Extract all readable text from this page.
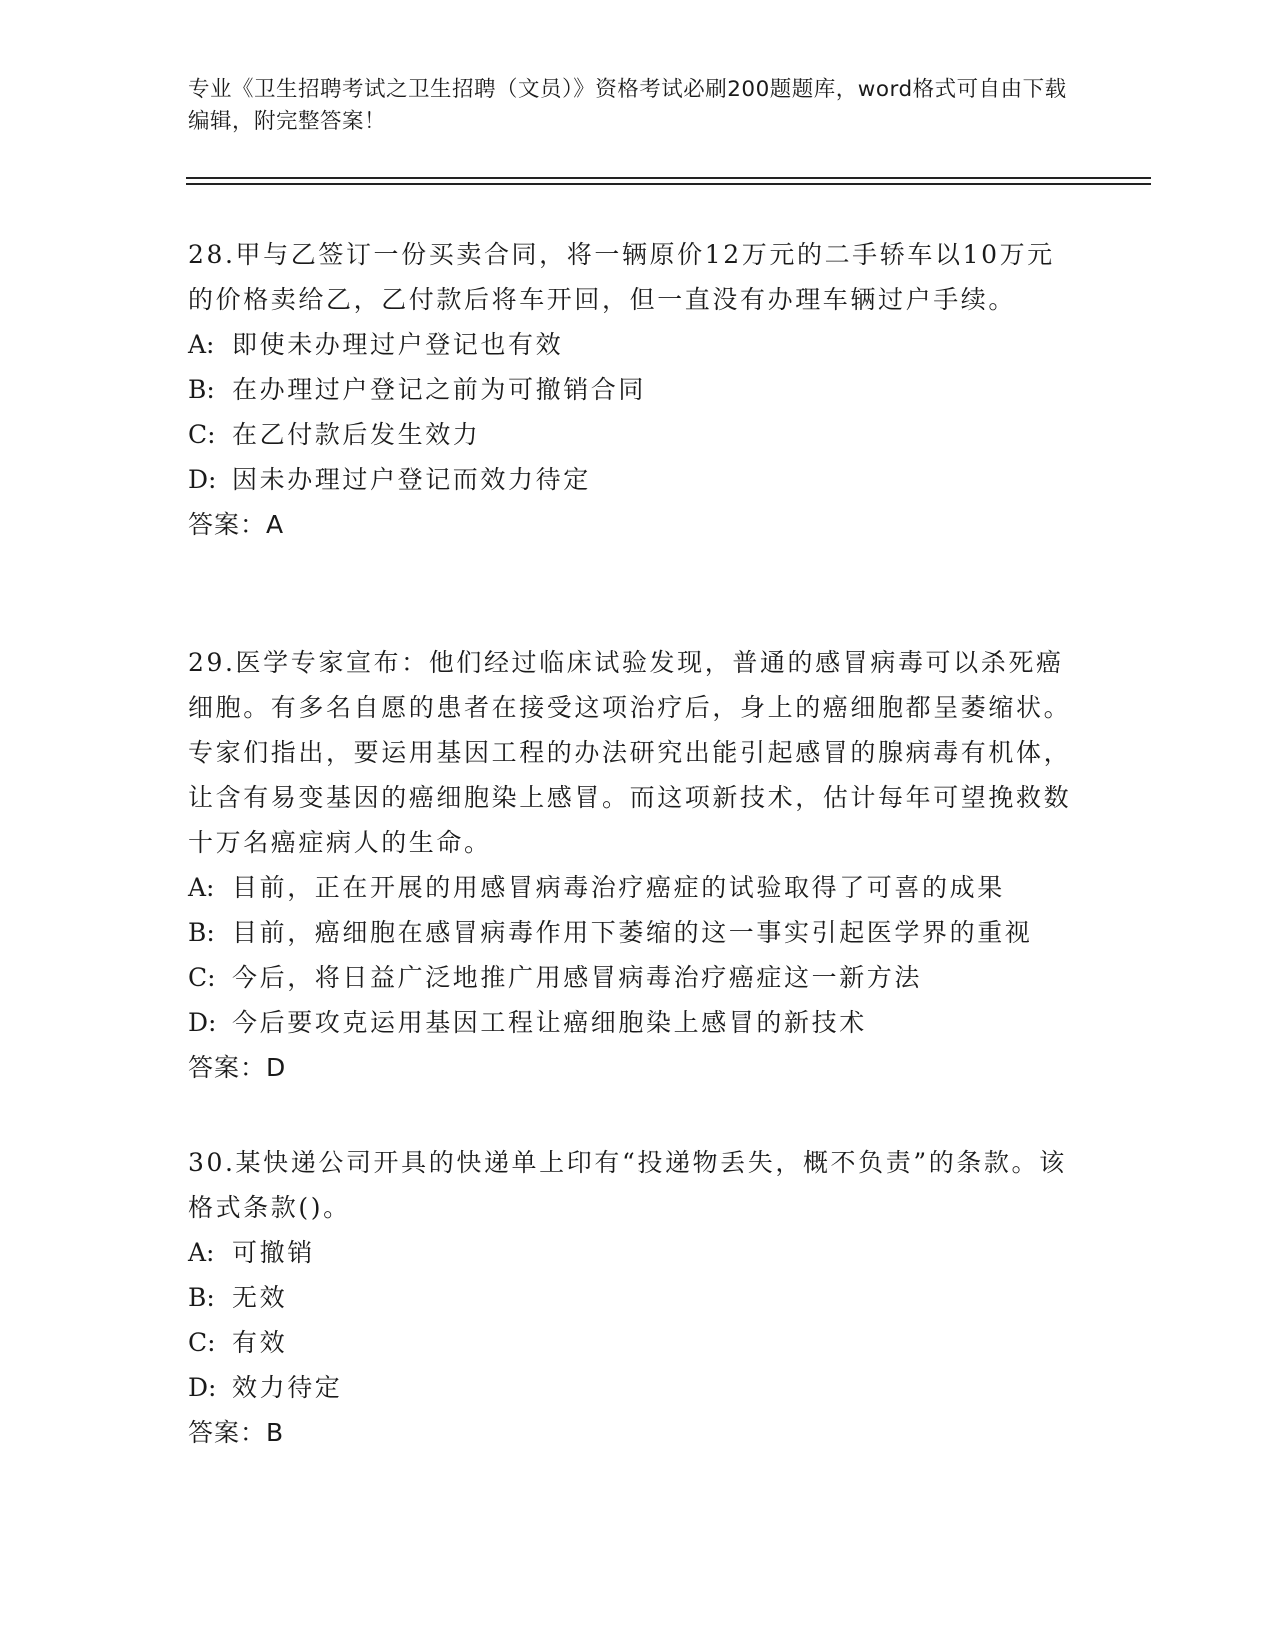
专业《卫生招聘考试之卫生招聘（文员）》资格考试必刷200题题库，word格式可自由下载编辑，附完整答案！

28.甲与乙签订一份买卖合同，将一辆原价12万元的二手轿车以10万元的价格卖给乙，乙付款后将车开回，但一直没有办理车辆过户手续。

A: 即使未办理过户登记也有效

B: 在办理过户登记之前为可撤销合同

C: 在乙付款后发生效力

D: 因未办理过户登记而效力待定

答案：A

29.医学专家宣布：他们经过临床试验发现，普通的感冒病毒可以杀死癌细胞。有多名自愿的患者在接受这项治疗后，身上的癌细胞都呈萎缩状。专家们指出，要运用基因工程的办法研究出能引起感冒的腺病毒有机体，让含有易变基因的癌细胞染上感冒。而这项新技术，估计每年可望挽救数十万名癌症病人的生命。

A: 目前，正在开展的用感冒病毒治疗癌症的试验取得了可喜的成果

B: 目前，癌细胞在感冒病毒作用下萎缩的这一事实引起医学界的重视

C: 今后，将日益广泛地推广用感冒病毒治疗癌症这一新方法

D: 今后要攻克运用基因工程让癌细胞染上感冒的新技术

答案：D

30.某快递公司开具的快递单上印有“投递物丢失，概不负责”的条款。该格式条款()。

A: 可撤销

B: 无效

C: 有效

D: 效力待定

答案：B
